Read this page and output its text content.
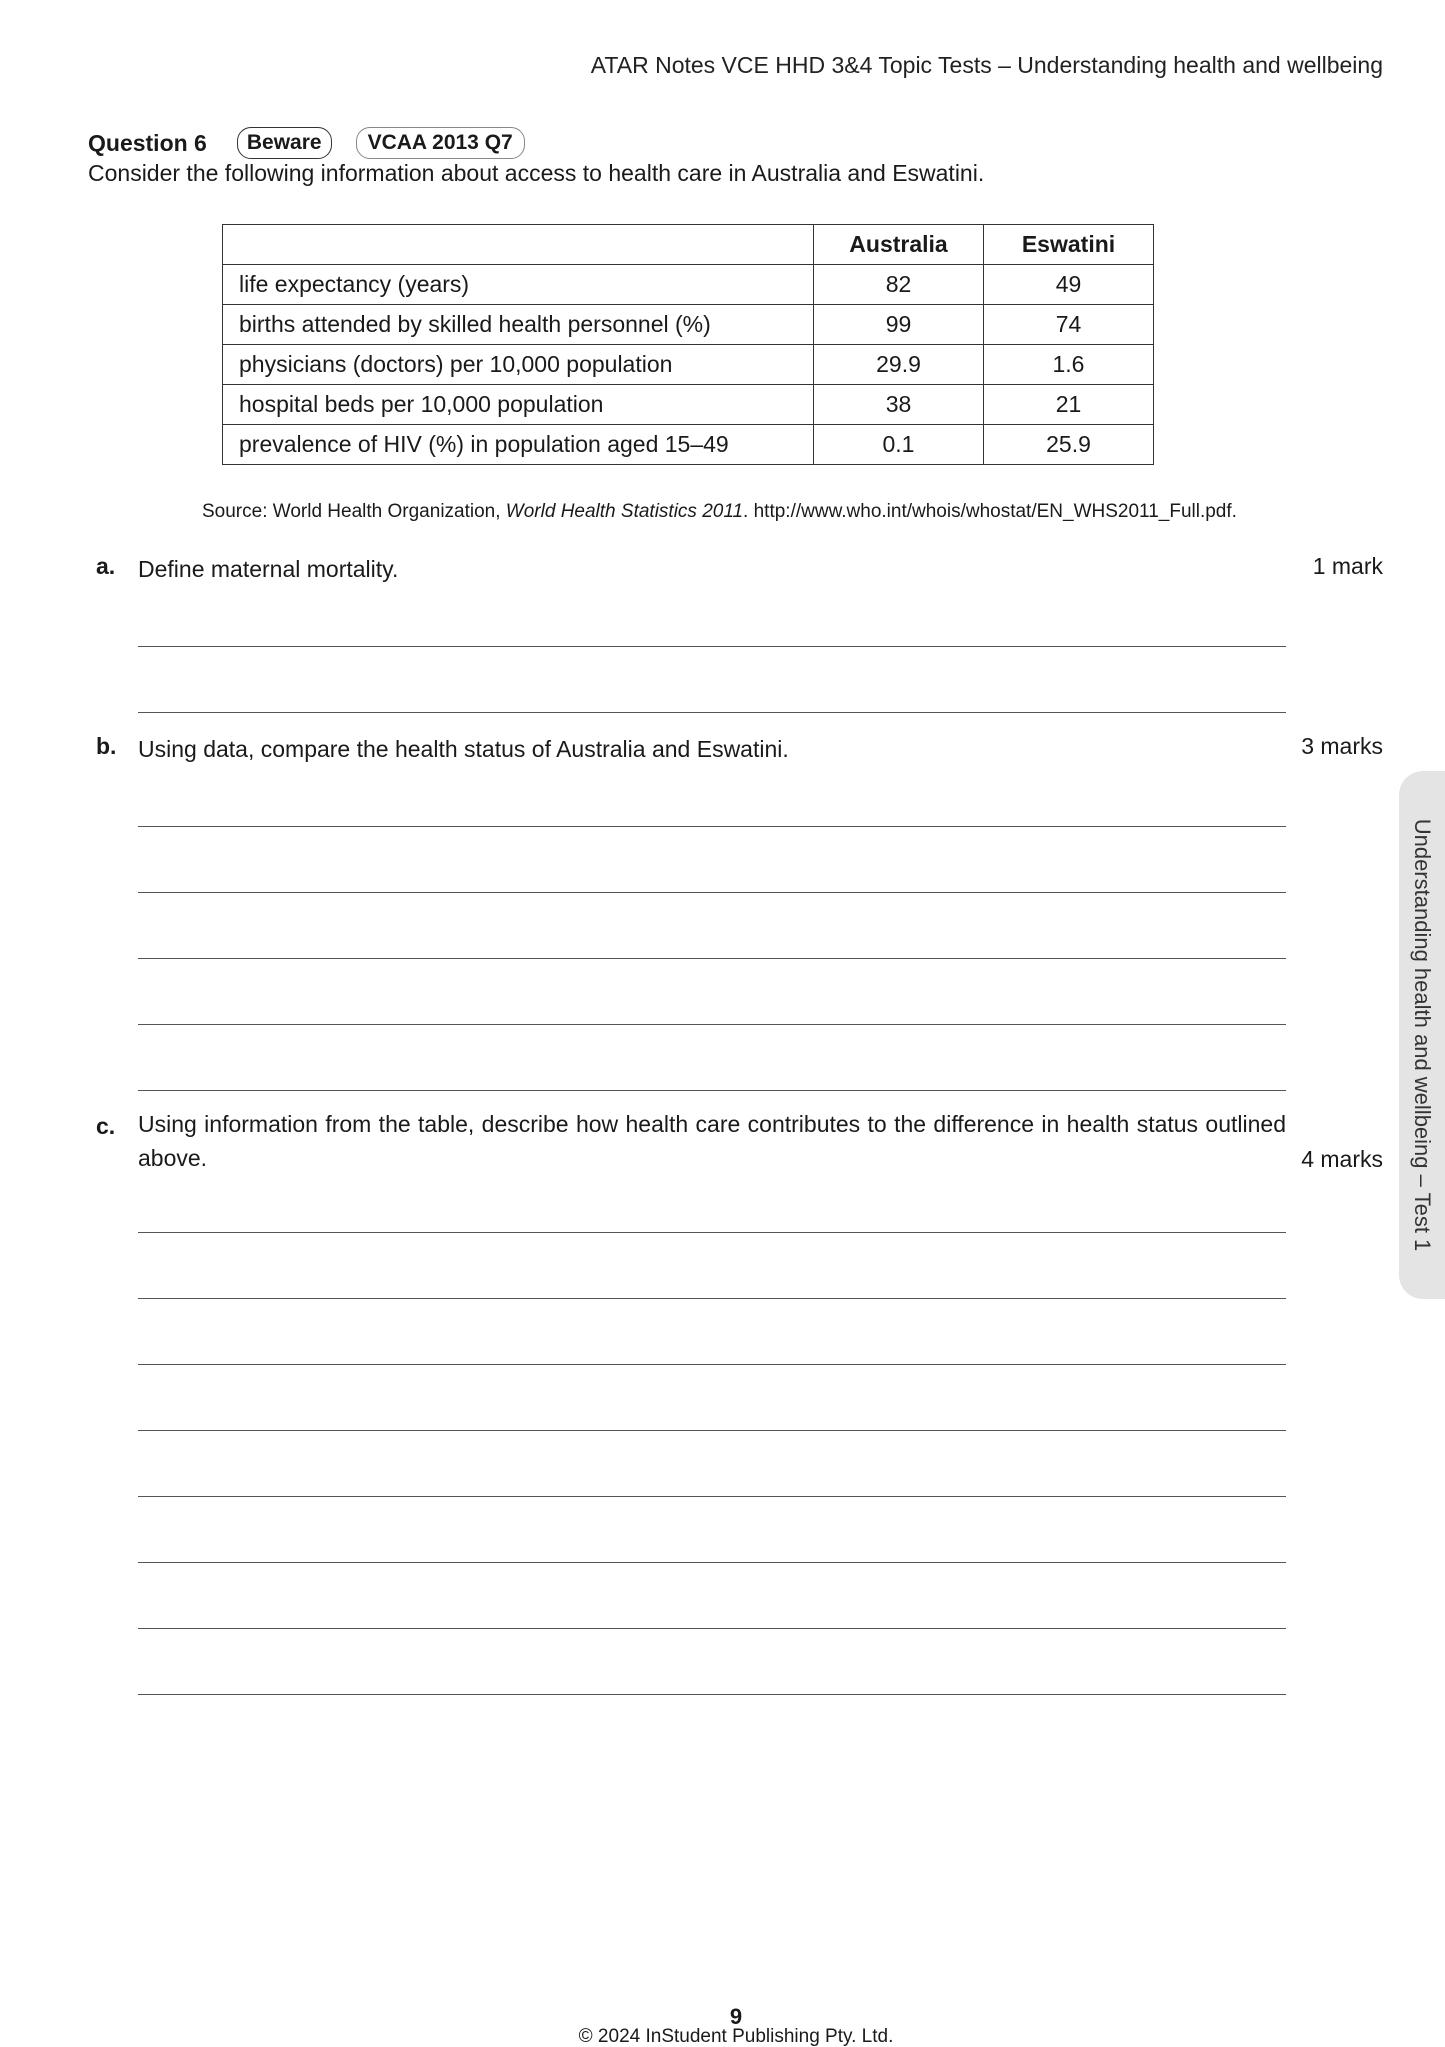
ATAR Notes VCE HHD 3&4 Topic Tests – Understanding health and wellbeing
Question 6	Beware	VCAA 2013 Q7
Consider the following information about access to health care in Australia and Eswatini.
	Australia	Eswatini
life expectancy (years)	82	49
births attended by skilled health personnel (%)	99	74
physicians (doctors) per 10,000 population	29.9	1.6
hospital beds per 10,000 population	38	21
prevalence of HIV (%) in population aged 15–49	0.1	25.9
Source: World Health Organization, World Health Statistics 2011. http://www.who.int/whois/whostat/EN_WHS2011_Full.pdf.
a. Define maternal mortality.	1 mark
b. Using data, compare the health status of Australia and Eswatini.	3 marks
c. Using information from the table, describe how health care contributes to the difference in health status outlined above.	4 marks Understanding health and wellbeing – Test 1
9
© 2024 InStudent Publishing Pty. Ltd.
